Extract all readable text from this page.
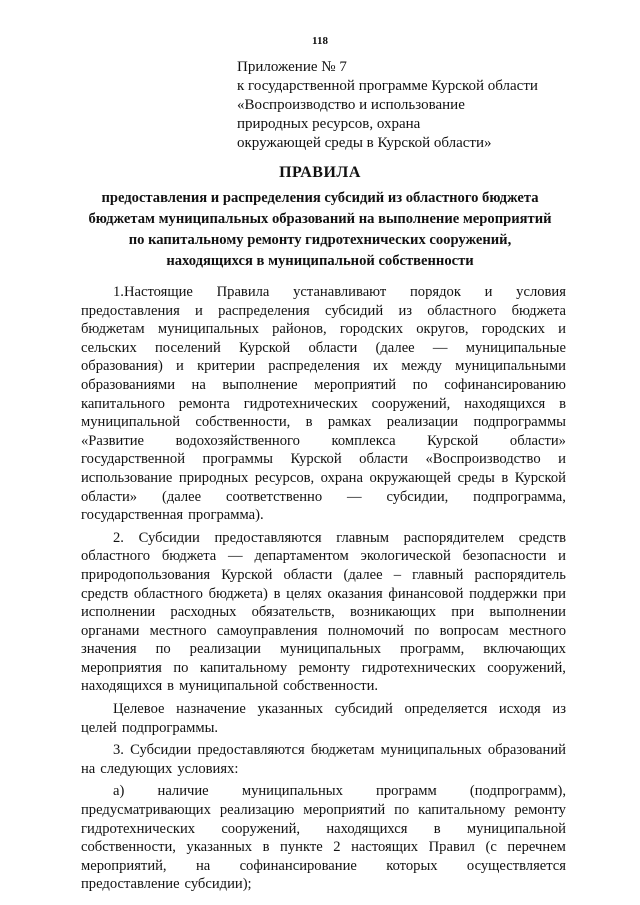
118
Приложение № 7
к государственной программе Курской области
«Воспроизводство и использование
природных ресурсов, охрана
окружающей среды в Курской области»
ПРАВИЛА
предоставления и распределения субсидий из областного бюджета
бюджетам муниципальных образований на выполнение мероприятий
по капитальному ремонту гидротехнических сооружений,
находящихся в муниципальной собственности
1.Настоящие Правила устанавливают порядок и условия
предоставления и распределения субсидий из областного бюджета
бюджетам муниципальных районов, городских округов, городских и
сельских поселений Курской области (далее — муниципальные
образования) и критерии распределения их между муниципальными
образованиями на выполнение мероприятий по софинансированию
капитального ремонта гидротехнических сооружений, находящихся в
муниципальной собственности, в рамках реализации подпрограммы
«Развитие водохозяйственного комплекса Курской области»
государственной программы Курской области «Воспроизводство и
использование природных ресурсов, охрана окружающей среды в Курской
области» (далее соответственно — субсидии, подпрограмма,
государственная программа).
2. Субсидии предоставляются главным распорядителем средств
областного бюджета — департаментом экологической безопасности и
природопользования Курской области (далее – главный распорядитель
средств областного бюджета) в целях оказания финансовой поддержки при
исполнении расходных обязательств, возникающих при выполнении
органами местного самоуправления полномочий по вопросам местного
значения по реализации муниципальных программ, включающих
мероприятия по капитальному ремонту гидротехнических сооружений,
находящихся в муниципальной собственности.
Целевое назначение указанных субсидий определяется исходя из
целей подпрограммы.
3. Субсидии предоставляются бюджетам муниципальных образований
на следующих условиях:
а) наличие муниципальных программ (подпрограмм),
предусматривающих реализацию мероприятий по капитальному ремонту
гидротехнических сооружений, находящихся в муниципальной
собственности, указанных в пункте 2 настоящих Правил (с перечнем
мероприятий, на софинансирование которых осуществляется
предоставление субсидии);
